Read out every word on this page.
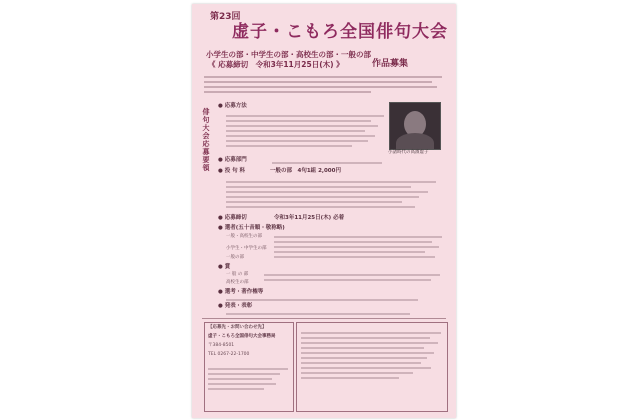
第23回
虚子・こもろ全国俳句大会
小学生の部・中学生の部・高校生の部・一般の部
《 応募締切　令和3年11月25日(木) 》	作品募集
俳句大会応募要領	小諸時代の高濱虚子
● 応募方法
● 応募部門
● 投 句 料	一般の部　4句1組 2,000円
● 応募締切	令和3年11月25日(木) 必着
● 選者(五十音順・敬称略)
一般・高校生の部
小学生・中学生の部
一般の部
● 賞
一 般 の 部
高校生の部
● 選考・著作権等
● 発表・表彰
【応募先・お問い合わせ先】
虚子・こもろ全国俳句大会事務局
〒384-8501
TEL 0267-22-1700
